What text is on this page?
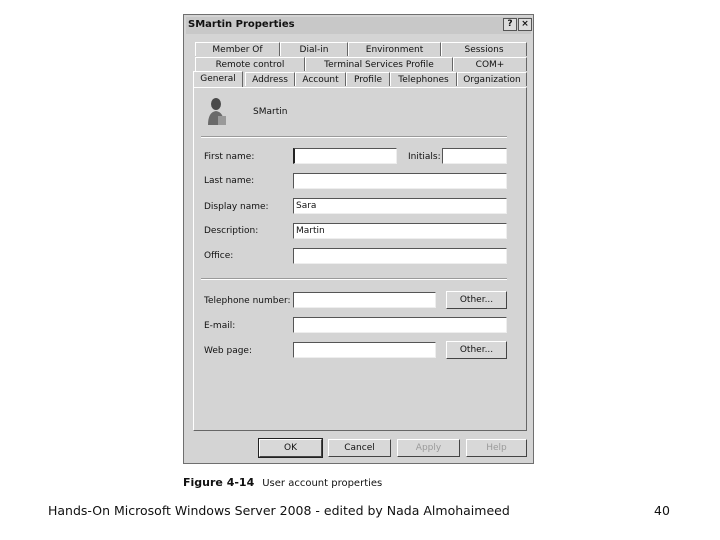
SMartin Properties	? ×
Member Of	Dial-in	Environment	Sessions
Remote control	Terminal Services Profile	COM+
General	Address	Account	Profile	Telephones	Organization
SMartin
First name:	Initials:
Last name:
Display name:	Sara
Description:	Martin
Office:
Telephone number:	Other...
E-mail:
Web page:	Other...
OK	Cancel	Apply	Help
Figure 4-14 User account properties
Hands-On Microsoft Windows Server 2008 - edited by Nada Almohaimeed	40
